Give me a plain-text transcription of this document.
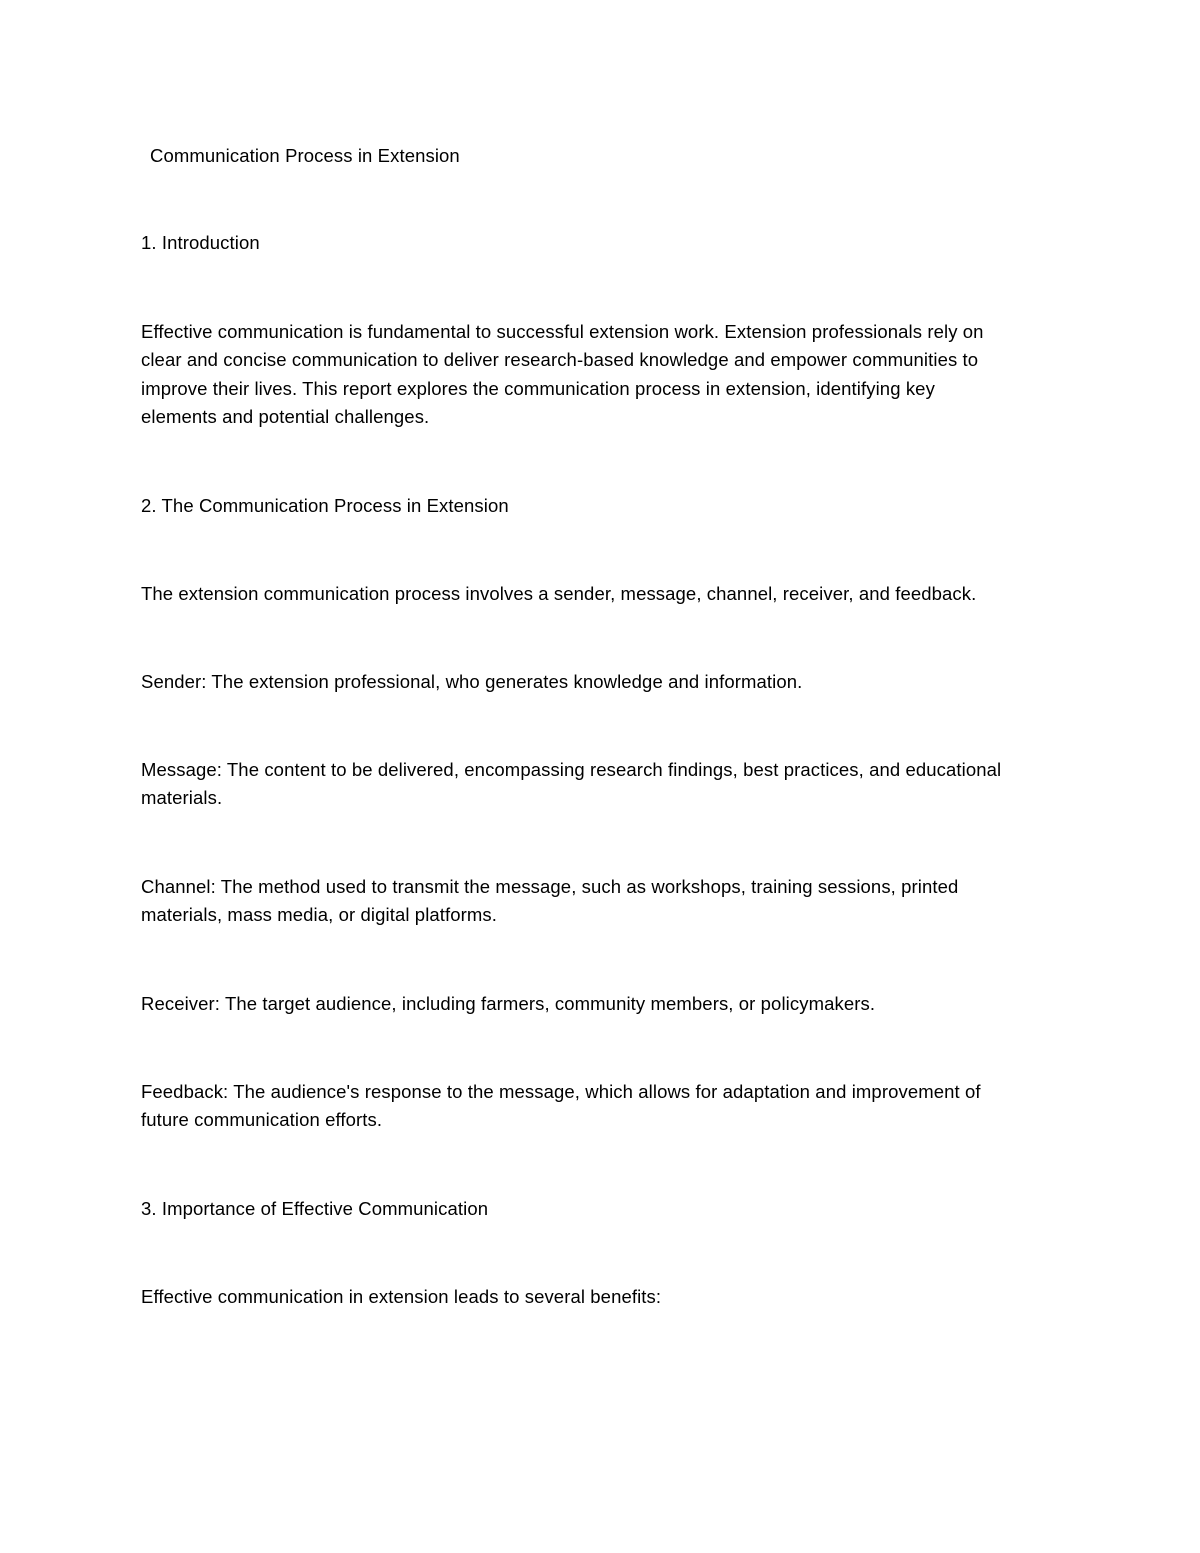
Communication Process in Extension

1. Introduction

Effective communication is fundamental to successful extension work. Extension professionals rely on

clear and concise communication to deliver research-based knowledge and empower communities to

improve their lives. This report explores the communication process in extension, identifying key

elements and potential challenges.

2. The Communication Process in Extension

The extension communication process involves a sender, message, channel, receiver, and feedback.

Sender: The extension professional, who generates knowledge and information.

Message: The content to be delivered, encompassing research findings, best practices, and educational

materials.

Channel: The method used to transmit the message, such as workshops, training sessions, printed

materials, mass media, or digital platforms.

Receiver: The target audience, including farmers, community members, or policymakers.

Feedback: The audience's response to the message, which allows for adaptation and improvement of

future communication efforts.

3. Importance of Effective Communication

Effective communication in extension leads to several benefits:
